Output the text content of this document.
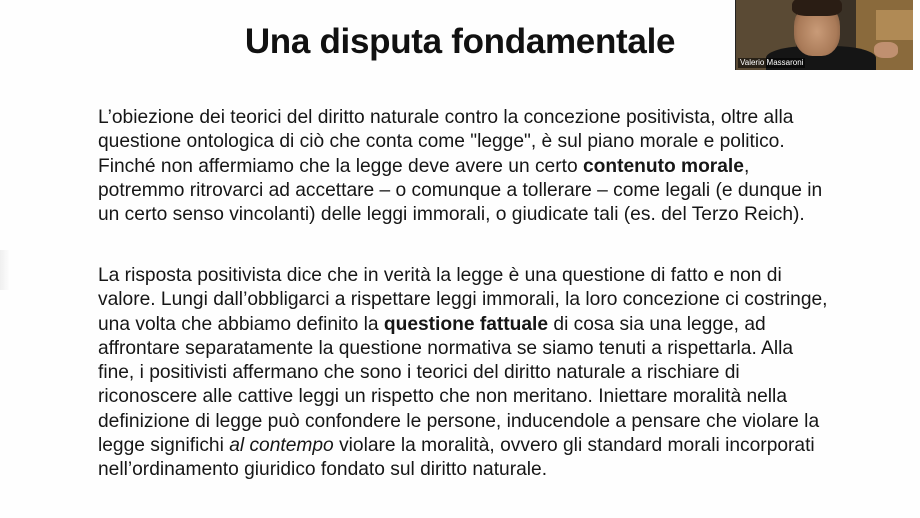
Una disputa fondamentale

L’obiezione dei teorici del diritto naturale contro la concezione positivista, oltre alla questione ontologica di ciò che conta come "legge", è sul piano morale e politico. Finché non affermiamo che la legge deve avere un certo contenuto morale, potremmo ritrovarci ad accettare – o comunque a tollerare – come legali (e dunque in un certo senso vincolanti) delle leggi immorali, o giudicate tali (es. del Terzo Reich).

La risposta positivista dice che in verità la legge è una questione di fatto e non di valore. Lungi dall’obbligarci a rispettare leggi immorali, la loro concezione ci costringe, una volta che abbiamo definito la questione fattuale di cosa sia una legge, ad affrontare separatamente la questione normativa se siamo tenuti a rispettarla. Alla fine, i positivisti affermano che sono i teorici del diritto naturale a rischiare di riconoscere alle cattive leggi un rispetto che non meritano. Iniettare moralità nella definizione di legge può confondere le persone, inducendole a pensare che violare la legge significhi al contempo violare la moralità, ovvero gli standard morali incorporati nell’ordinamento giuridico fondato sul diritto naturale.

Valerio Massaroni
